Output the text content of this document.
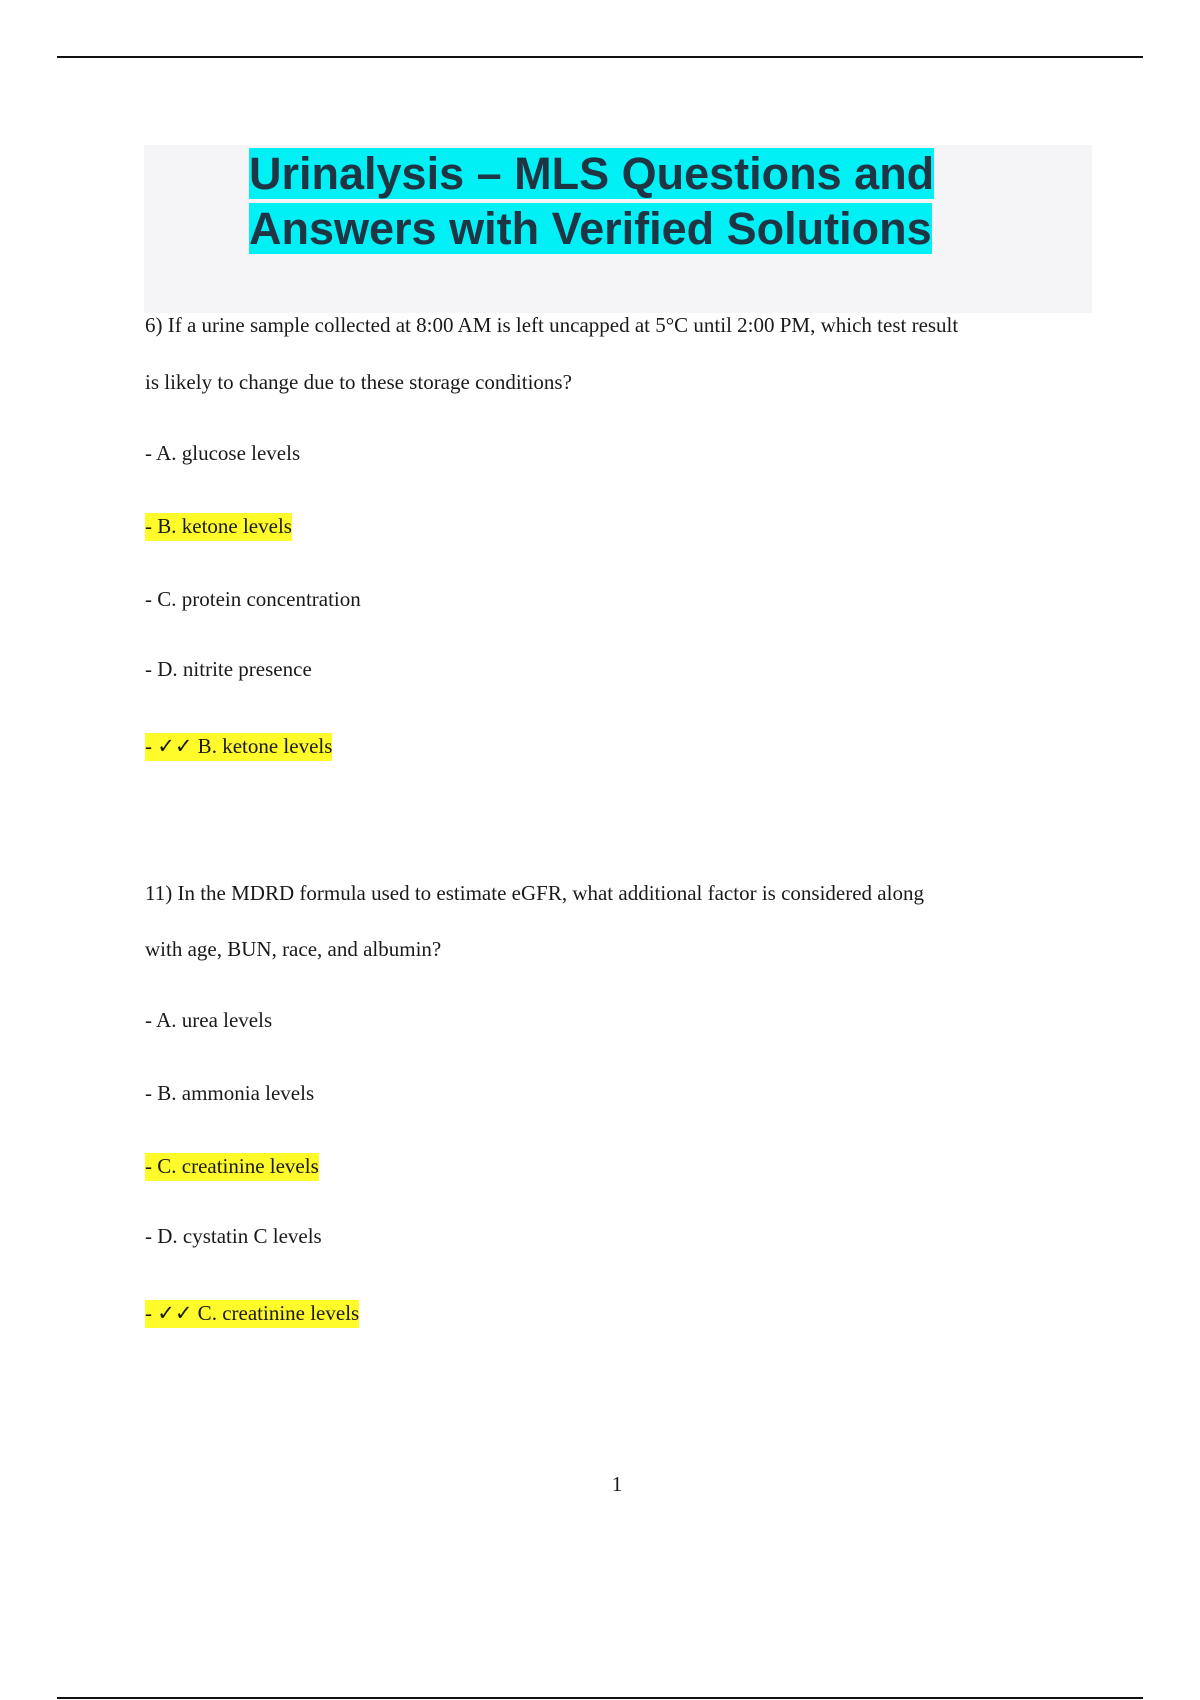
Urinalysis – MLS Questions and Answers with Verified Solutions

6) If a urine sample collected at 8:00 AM is left uncapped at 5°C until 2:00 PM, which test result

is likely to change due to these storage conditions?

- A. glucose levels

- B. ketone levels

- C. protein concentration

- D. nitrite presence

- ✓✓ B. ketone levels

11) In the MDRD formula used to estimate eGFR, what additional factor is considered along

with age, BUN, race, and albumin?

- A. urea levels

- B. ammonia levels

- C. creatinine levels

- D. cystatin C levels

- ✓✓ C. creatinine levels

1
